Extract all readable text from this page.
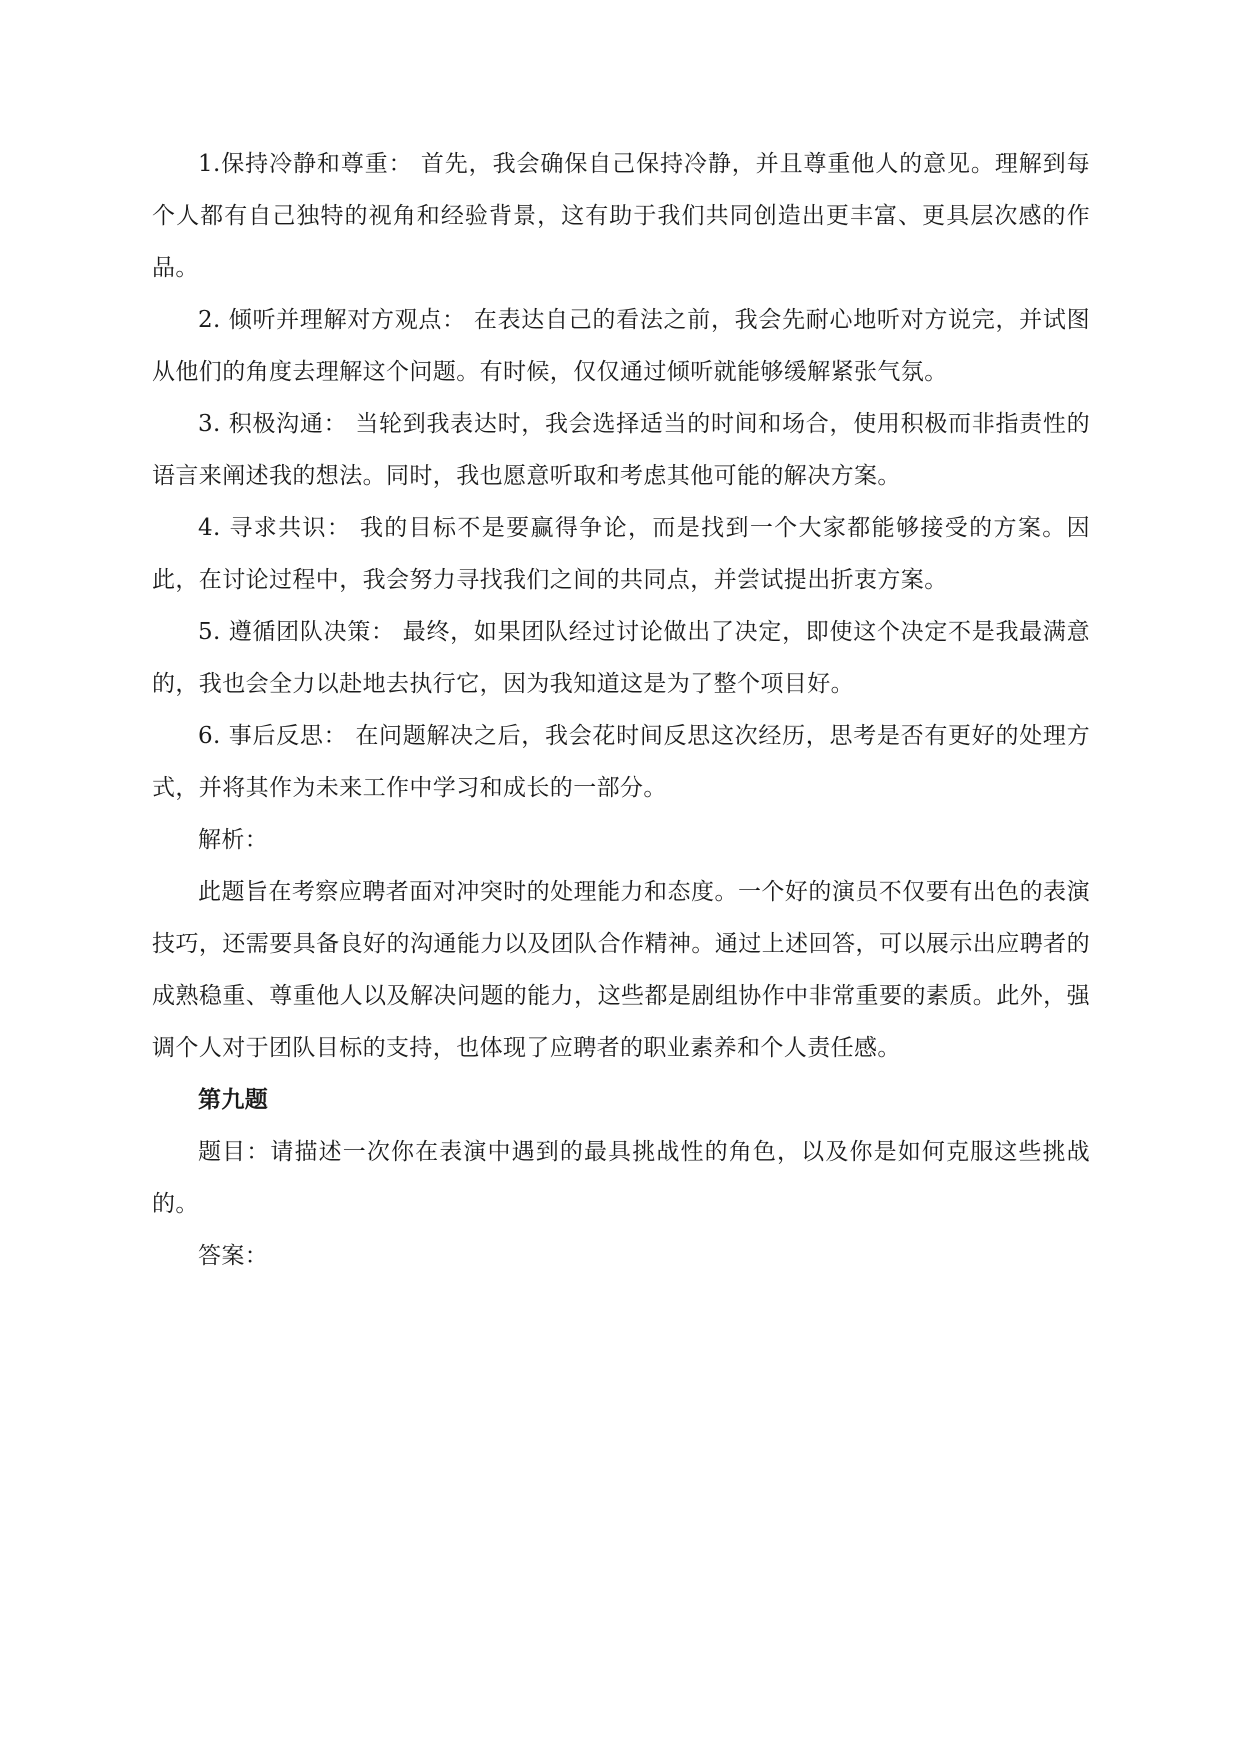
1.保持冷静和尊重： 首先，我会确保自己保持冷静，并且尊重他人的意见。理解到每个人都有自己独特的视角和经验背景，这有助于我们共同创造出更丰富、更具层次感的作品。

2. 倾听并理解对方观点： 在表达自己的看法之前，我会先耐心地听对方说完，并试图从他们的角度去理解这个问题。有时候，仅仅通过倾听就能够缓解紧张气氛。

3. 积极沟通： 当轮到我表达时，我会选择适当的时间和场合，使用积极而非指责性的语言来阐述我的想法。同时，我也愿意听取和考虑其他可能的解决方案。

4. 寻求共识： 我的目标不是要赢得争论，而是找到一个大家都能够接受的方案。因此，在讨论过程中，我会努力寻找我们之间的共同点，并尝试提出折衷方案。

5. 遵循团队决策： 最终，如果团队经过讨论做出了决定，即使这个决定不是我最满意的，我也会全力以赴地去执行它，因为我知道这是为了整个项目好。

6. 事后反思： 在问题解决之后，我会花时间反思这次经历，思考是否有更好的处理方式，并将其作为未来工作中学习和成长的一部分。

解析：

此题旨在考察应聘者面对冲突时的处理能力和态度。一个好的演员不仅要有出色的表演技巧，还需要具备良好的沟通能力以及团队合作精神。通过上述回答，可以展示出应聘者的成熟稳重、尊重他人以及解决问题的能力，这些都是剧组协作中非常重要的素质。此外，强调个人对于团队目标的支持，也体现了应聘者的职业素养和个人责任感。

第九题

题目：请描述一次你在表演中遇到的最具挑战性的角色，以及你是如何克服这些挑战的。

答案：
